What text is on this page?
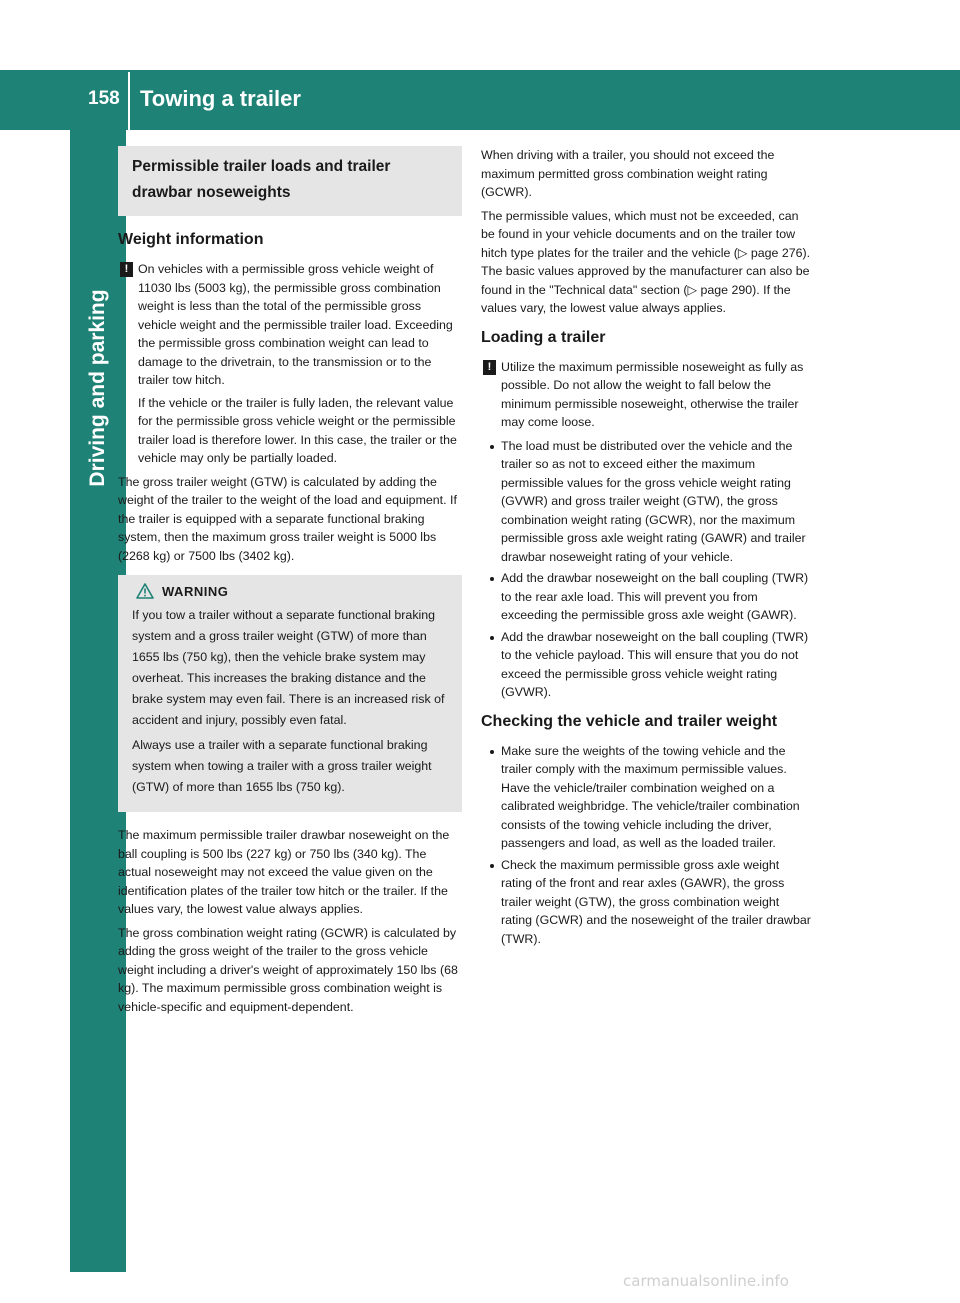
158 Towing a trailer
Driving and parking
Permissible trailer loads and trailer
drawbar noseweights
Weight information
! On vehicles with a permissible gross vehicle weight of 11030 lbs (5003 kg), the permissible gross combination weight is less than the total of the permissible gross vehicle weight and the permissible trailer load. Exceeding the permissible gross combination weight can lead to damage to the drivetrain, to the transmission or to the trailer tow hitch.

If the vehicle or the trailer is fully laden, the relevant value for the permissible gross vehicle weight or the permissible trailer load is therefore lower. In this case, the trailer or the vehicle may only be partially loaded.

The gross trailer weight (GTW) is calculated by adding the weight of the trailer to the weight of the load and equipment. If the trailer is equipped with a separate functional braking system, then the maximum gross trailer weight is 5000 lbs (2268 kg) or 7500 lbs (3402 kg).

WARNING

If you tow a trailer without a separate functional braking system and a gross trailer weight (GTW) of more than 1655 lbs (750 kg), then the vehicle brake system may overheat. This increases the braking distance and the brake system may even fail. There is an increased risk of accident and injury, possibly even fatal.

Always use a trailer with a separate functional braking system when towing a trailer with a gross trailer weight (GTW) of more than 1655 lbs (750 kg).

The maximum permissible trailer drawbar noseweight on the ball coupling is 500 lbs (227 kg) or 750 lbs (340 kg). The actual noseweight may not exceed the value given on the identification plates of the trailer tow hitch or the trailer. If the values vary, the lowest value always applies.

The gross combination weight rating (GCWR) is calculated by adding the gross weight of the trailer to the gross vehicle weight including a driver's weight of approximately 150 lbs (68 kg). The maximum permissible gross combination weight is vehicle-specific and equipment-dependent.

When driving with a trailer, you should not exceed the maximum permitted gross combination weight rating (GCWR).

The permissible values, which must not be exceeded, can be found in your vehicle documents and on the trailer tow hitch type plates for the trailer and the vehicle (▷ page 276). The basic values approved by the manufacturer can also be found in the "Technical data" section (▷ page 290). If the values vary, the lowest value always applies.

Loading a trailer
! Utilize the maximum permissible noseweight as fully as possible. Do not allow the weight to fall below the minimum permissible noseweight, otherwise the trailer may come loose.

The load must be distributed over the vehicle and the trailer so as not to exceed either the maximum permissible values for the gross vehicle weight rating (GVWR) and gross trailer weight (GTW), the gross combination weight rating (GCWR), nor the maximum permissible gross axle weight rating (GAWR) and trailer drawbar noseweight rating of your vehicle.
Add the drawbar noseweight on the ball coupling (TWR) to the rear axle load. This will prevent you from exceeding the permissible gross axle weight (GAWR).
Add the drawbar noseweight on the ball coupling (TWR) to the vehicle payload. This will ensure that you do not exceed the permissible gross vehicle weight rating (GVWR).
Checking the vehicle and trailer weight
Make sure the weights of the towing vehicle and the trailer comply with the maximum permissible values. Have the vehicle/trailer combination weighed on a calibrated weighbridge. The vehicle/trailer combination consists of the towing vehicle including the driver, passengers and load, as well as the loaded trailer.
Check the maximum permissible gross axle weight rating of the front and rear axles (GAWR), the gross trailer weight (GTW), the gross combination weight rating (GCWR) and the noseweight of the trailer drawbar (TWR).
carmanualsonline.info
